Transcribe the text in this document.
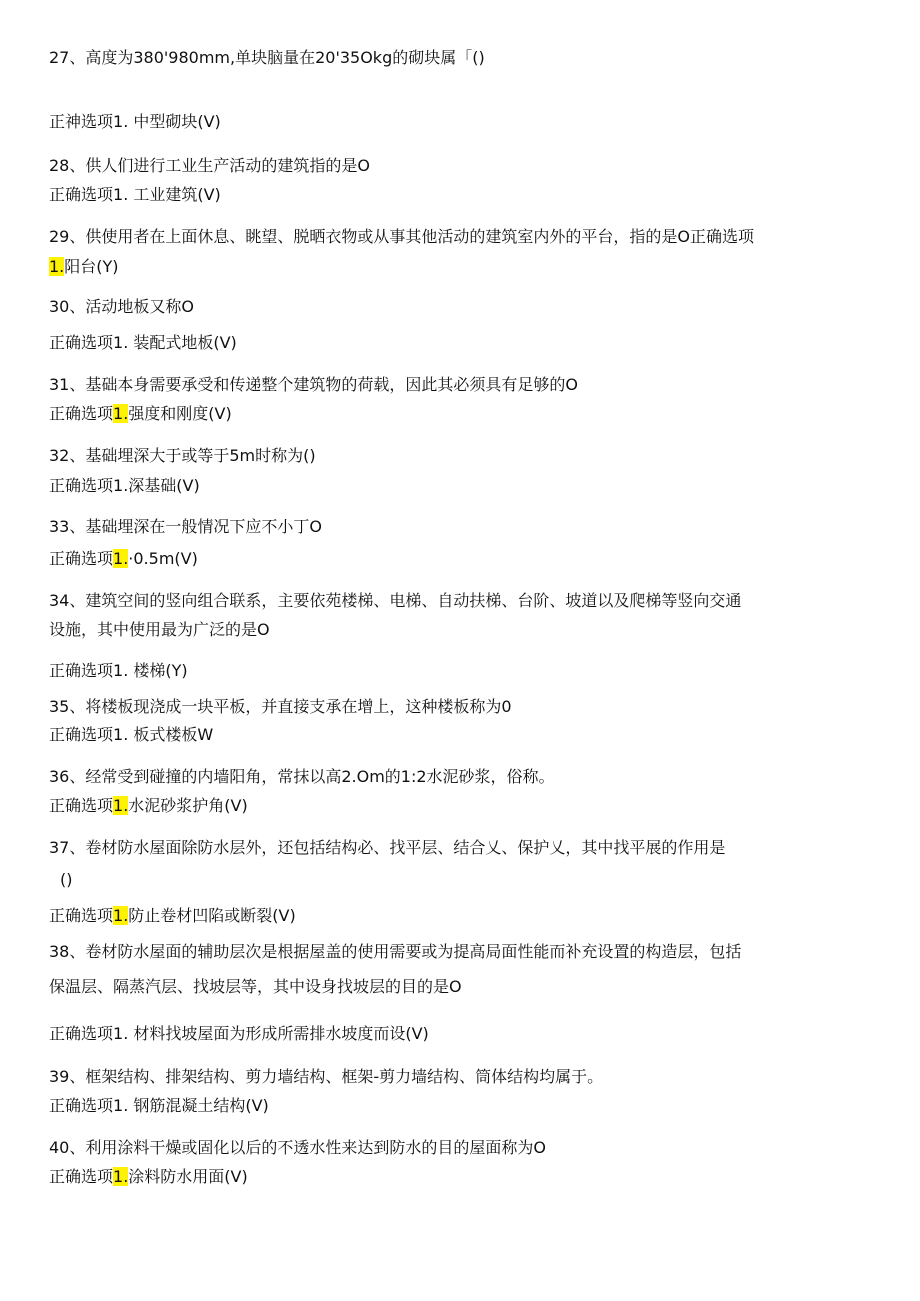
27、高度为380'980mm,单块脑量在20'35Okg的砌块属「()
正神选项1. 中型砌块(V)
28、供人们进行工业生产活动的建筑指的是O
正确选项1. 工业建筑(V)
29、供使用者在上面休息、眺望、脱晒衣物或从事其他活动的建筑室内外的平台，指的是O正确选项
1.阳台(Y)
30、活动地板又称O
正确选项1. 装配式地板(V)
31、基础本身需要承受和传递整个建筑物的荷载，因此其必须具有足够的O
正确选项1.强度和刚度(V)
32、基础埋深大于或等于5m时称为()
正确选项1.深基础(V)
33、基础埋深在一般情况下应不小丁O
正确选项1.·0.5m(V)
34、建筑空间的竖向组合联系，主要依苑楼梯、电梯、自动扶梯、台阶、坡道以及爬梯等竖向交通
设施，其中使用最为广泛的是O
正确选项1. 楼梯(Y)
35、将楼板现浇成一块平板，并直接支承在增上，这种楼板称为0
正确选项1. 板式楼板W
36、经常受到碰撞的内墙阳角，常抹以高2.Om的1:2水泥砂浆，俗称。
正确选项1.水泥砂浆护角(V)
37、卷材防水屋面除防水层外，还包括结构必、找平层、结合乂、保护乂，其中找平展的作用是
()
正确选项1.防止卷材凹陷或断裂(V)
38、卷材防水屋面的辅助层次是根据屋盖的使用需要或为提高局面性能而补充设置的构造层，包括
保温层、隔蒸汽层、找坡层等，其中设身找坡层的目的是O
正确选项1. 材料找坡屋面为形成所需排水坡度而设(V)
39、框架结构、排架结构、剪力墙结构、框架-剪力墙结构、筒体结构均属于。
正确选项1. 钢筋混凝土结构(V)
40、利用涂料干燥或固化以后的不透水性来达到防水的目的屋面称为O
正确选项1.涂料防水用面(V)
